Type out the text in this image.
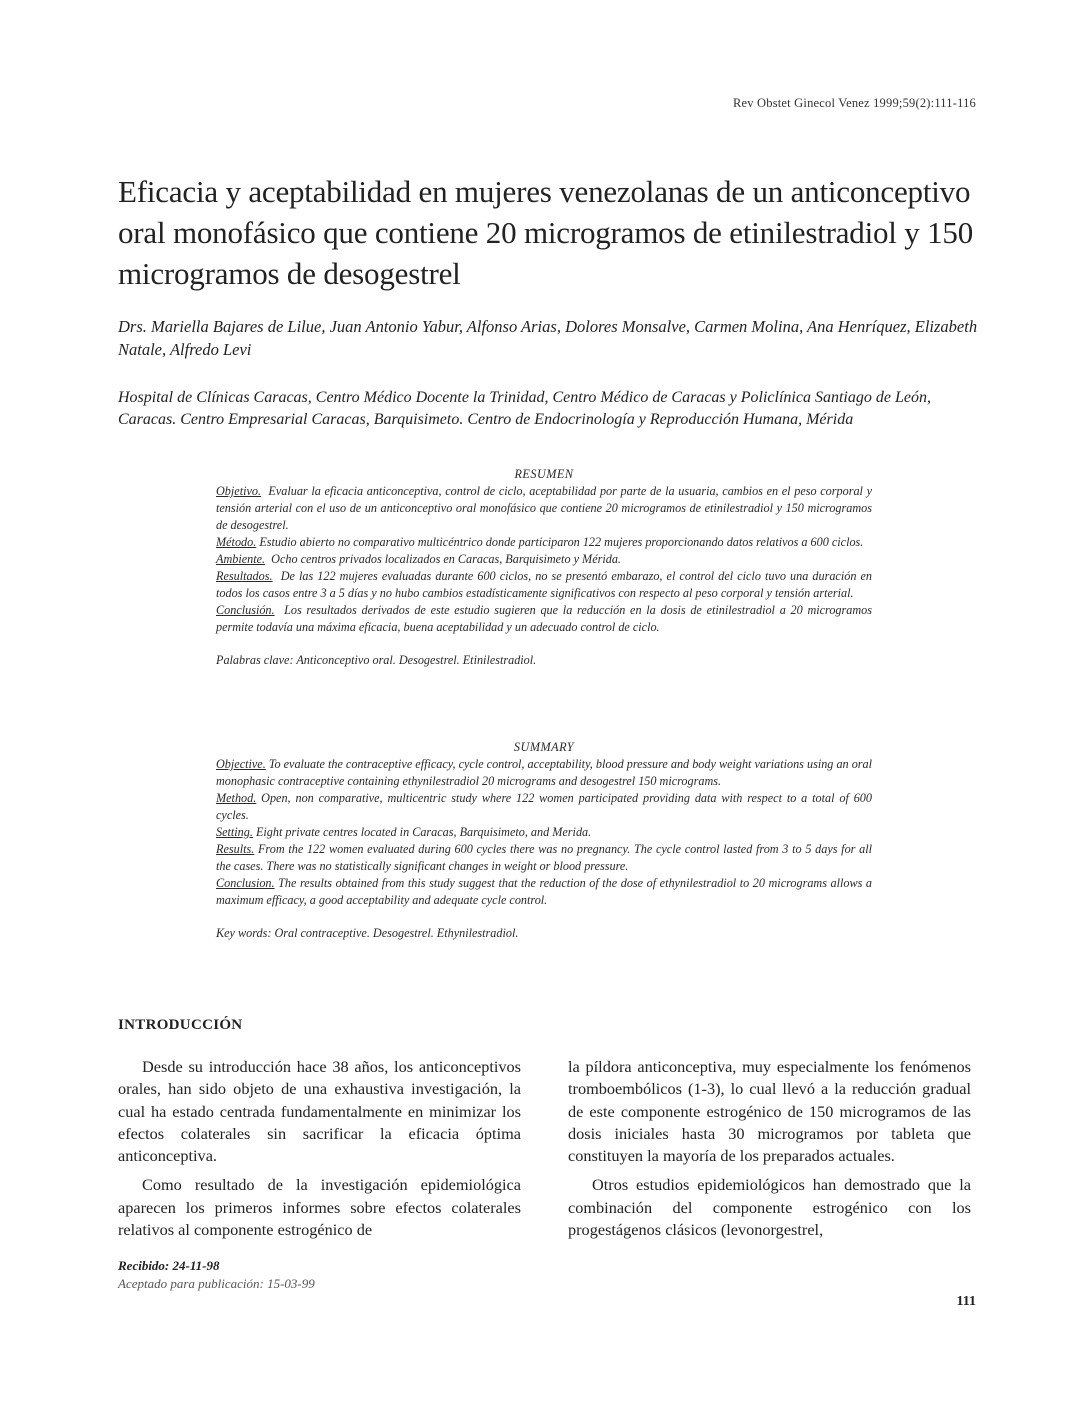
Rev Obstet Ginecol Venez 1999;59(2):111-116
Eficacia y aceptabilidad en mujeres venezolanas de un anticonceptivo oral monofásico que contiene 20 microgramos de etinilestradiol y 150 microgramos de desogestrel
Drs. Mariella Bajares de Lilue, Juan Antonio Yabur, Alfonso Arias, Dolores Monsalve, Carmen Molina, Ana Henríquez, Elizabeth Natale, Alfredo Levi
Hospital de Clínicas Caracas, Centro Médico Docente la Trinidad, Centro Médico de Caracas y Policlínica Santiago de León, Caracas. Centro Empresarial Caracas, Barquisimeto. Centro de Endocrinología y Reproducción Humana, Mérida
RESUMEN

Objetivo. Evaluar la eficacia anticonceptiva, control de ciclo, aceptabilidad por parte de la usuaria, cambios en el peso corporal y tensión arterial con el uso de un anticonceptivo oral monofásico que contiene 20 microgramos de etinilestradiol y 150 microgramos de desogestrel.

Método. Estudio abierto no comparativo multicéntrico donde participaron 122 mujeres proporcionando datos relativos a 600 ciclos.

Ambiente. Ocho centros privados localizados en Caracas, Barquisimeto y Mérida.

Resultados. De las 122 mujeres evaluadas durante 600 ciclos, no se presentó embarazo, el control del ciclo tuvo una duración en todos los casos entre 3 a 5 días y no hubo cambios estadísticamente significativos con respecto al peso corporal y tensión arterial.

Conclusión. Los resultados derivados de este estudio sugieren que la reducción en la dosis de etinilestradiol a 20 microgramos permite todavía una máxima eficacia, buena aceptabilidad y un adecuado control de ciclo.

Palabras clave: Anticonceptivo oral. Desogestrel. Etinilestradiol.

SUMMARY

Objective. To evaluate the contraceptive efficacy, cycle control, acceptability, blood pressure and body weight variations using an oral monophasic contraceptive containing ethynilestradiol 20 micrograms and desogestrel 150 micrograms.

Method. Open, non comparative, multicentric study where 122 women participated providing data with respect to a total of 600 cycles.

Setting. Eight private centres located in Caracas, Barquisimeto, and Merida.

Results. From the 122 women evaluated during 600 cycles there was no pregnancy. The cycle control lasted from 3 to 5 days for all the cases. There was no statistically significant changes in weight or blood pressure.

Conclusion. The results obtained from this study suggest that the reduction of the dose of ethynilestradiol to 20 micrograms allows a maximum efficacy, a good acceptability and adequate cycle control.

Key words: Oral contraceptive. Desogestrel. Ethynilestradiol.

INTRODUCCIÓN

Desde su introducción hace 38 años, los anticonceptivos orales, han sido objeto de una exhaustiva investigación, la cual ha estado centrada fundamentalmente en minimizar los efectos colaterales sin sacrificar la eficacia óptima anticonceptiva.

Como resultado de la investigación epidemiológica aparecen los primeros informes sobre efectos colaterales relativos al componente estrogénico de

la píldora anticonceptiva, muy especialmente los fenómenos tromboembólicos (1-3), lo cual llevó a la reducción gradual de este componente estrogénico de 150 microgramos de las dosis iniciales hasta 30 microgramos por tableta que constituyen la mayoría de los preparados actuales.

Otros estudios epidemiológicos han demostrado que la combinación del componente estrogénico con los progestágenos clásicos (levonorgestrel,

Recibido: 24-11-98
Aceptado para publicación: 15-03-99
111
